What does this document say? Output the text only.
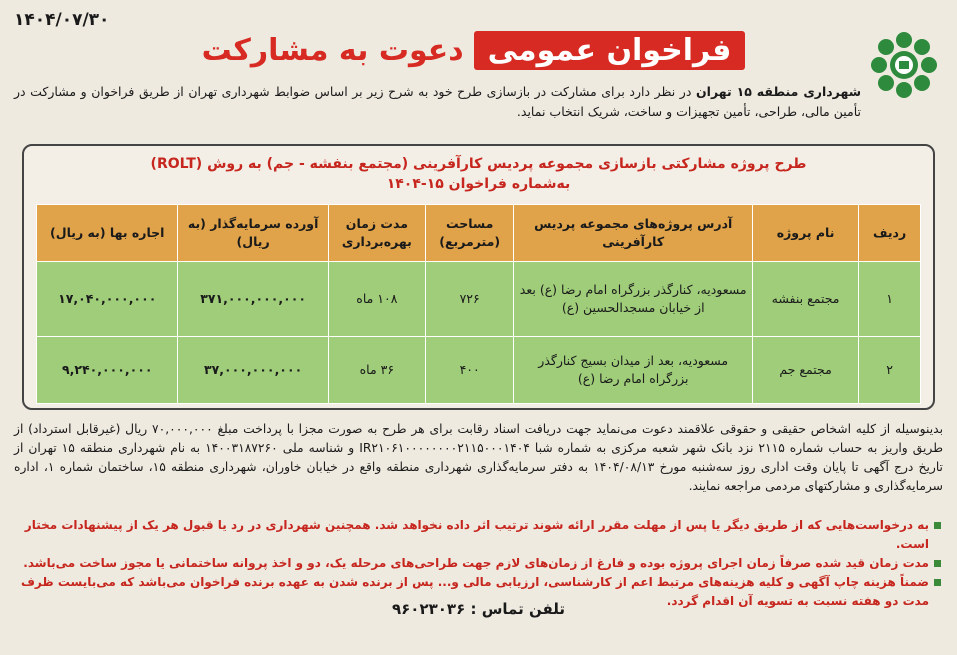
۱۴۰۴/۰۷/۳۰
فراخوان عمومی
دعوت به مشارکت
شهرداری منطقه ۱۵ تهران در نظر دارد برای مشارکت در بازسازی طرح خود به شرح زیر بر اساس ضوابط شهرداری تهران از طریق فراخوان و مشارکت در تأمین مالی، طراحی، تأمین تجهیزات و ساخت، شریک انتخاب نماید.
طرح پروژه مشارکتی بازسازی مجموعه پردیس کارآفرینی (مجتمع بنفشه - جم) به روش (ROLT)
به‌شماره فراخوان ۱۵-۱۴۰۴
ردیف	نام پروژه	آدرس پروژه‌های مجموعه پردیس کارآفرینی	مساحت (مترمربع)	مدت زمان بهره‌برداری	آورده سرمایه‌گذار (به ریال)	اجاره بها (به ریال)
۱	مجتمع بنفشه	مسعودیه، کنارگذر بزرگراه امام رضا (ع) بعد از خیابان مسجدالحسین (ع)	۷۲۶	۱۰۸ ماه	۳۷۱,۰۰۰,۰۰۰,۰۰۰	۱۷,۰۴۰,۰۰۰,۰۰۰
۲	مجتمع جم	مسعودیه، بعد از میدان بسیج کنارگذر بزرگراه امام رضا (ع)	۴۰۰	۳۶ ماه	۳۷,۰۰۰,۰۰۰,۰۰۰	۹,۲۴۰,۰۰۰,۰۰۰
بدینوسیله از کلیه اشخاص حقیقی و حقوقی علاقمند دعوت می‌نماید جهت دریافت اسناد رقابت برای هر طرح به صورت مجزا با پرداخت مبلغ ۷۰,۰۰۰,۰۰۰ ریال (غیرقابل استرداد) از طریق واریز به حساب شماره ۲۱۱۵ نزد بانک شهر شعبه مرکزی به شماره شبا IR۲۱۰۶۱۰۰۰۰۰۰۰۰۲۱۱۵۰۰۰۱۴۰۴ و شناسه ملی ۱۴۰۰۳۱۸۷۲۶۰ به نام شهرداری منطقه ۱۵ تهران از تاریخ درج آگهی تا پایان وقت اداری روز سه‌شنبه مورخ ۱۴۰۴/۰۸/۱۳ به دفتر سرمایه‌گذاری شهرداری منطقه واقع در خیابان خاوران، شهرداری منطقه ۱۵، ساختمان شماره ۱، اداره سرمایه‌گذاری و مشارکتهای مردمی مراجعه نمایند.
به درخواست‌هایی که از طریق دیگر یا پس از مهلت مقرر ارائه شوند ترتیب اثر داده نخواهد شد. همچنین شهرداری در رد یا قبول هر یک از پیشنهادات مختار است.
مدت زمان قید شده صرفاً زمان اجرای پروژه بوده و فارغ از زمان‌های لازم جهت طراحی‌های مرحله یک، دو و اخذ پروانه ساختمانی یا مجوز ساخت می‌باشد.
ضمناً هزینه چاپ آگهی و کلیه هزینه‌های مرتبط اعم از کارشناسی، ارزیابی مالی و... پس از برنده شدن به عهده برنده فراخوان می‌باشد که می‌بایست ظرف مدت دو هفته نسبت به تسویه آن اقدام گردد.
تلفن تماس : ۹۶۰۲۳۰۳۶
